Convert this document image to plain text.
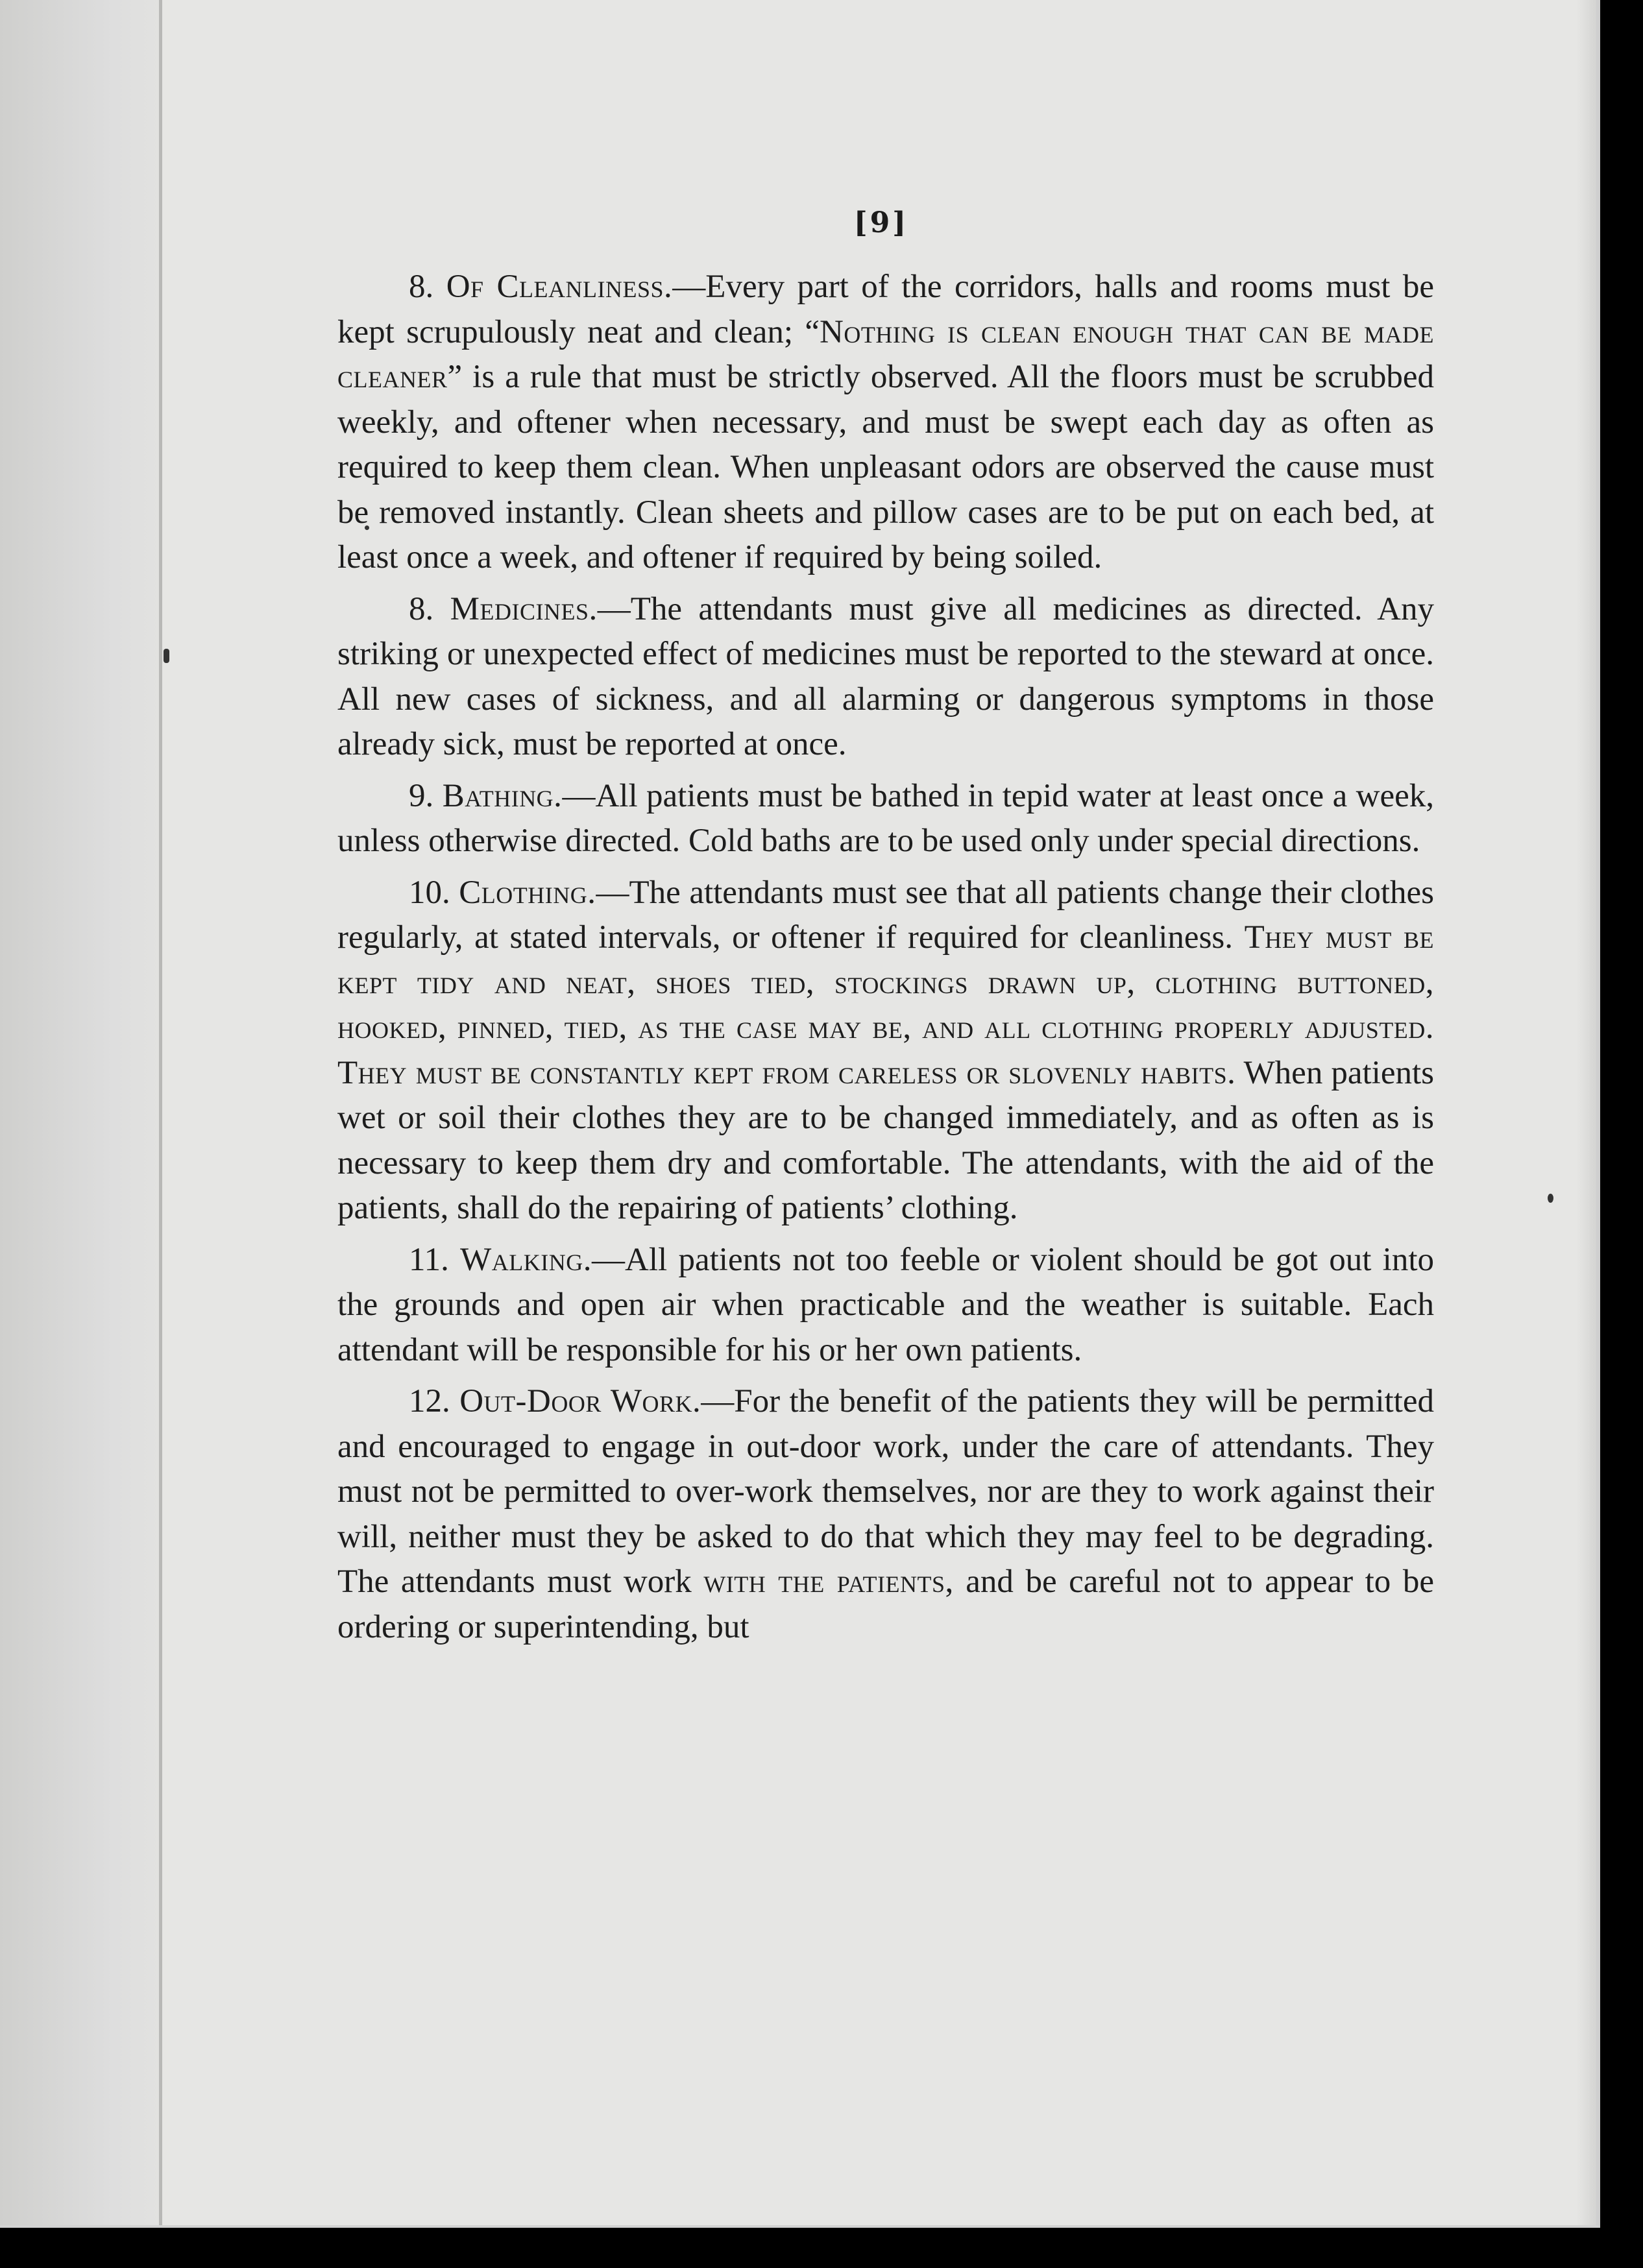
[9]

8. Of Cleanliness.—Every part of the corridors, halls and rooms must be kept scrupulously neat and clean; “Nothing is clean enough that can be made cleaner” is a rule that must be strictly observed. All the floors must be scrubbed weekly, and oftener when necessary, and must be swept each day as often as required to keep them clean. When unpleasant odors are observed the cause must be removed instantly. Clean sheets and pillow cases are to be put on each bed, at least once a week, and oftener if required by being soiled.

8. Medicines.—The attendants must give all medicines as directed. Any striking or unexpected effect of medicines must be reported to the steward at once. All new cases of sickness, and all alarming or dangerous symptoms in those already sick, must be reported at once.

9. Bathing.—All patients must be bathed in tepid water at least once a week, unless otherwise directed. Cold baths are to be used only under special directions.

10. Clothing.—The attendants must see that all patients change their clothes regularly, at stated intervals, or oftener if required for cleanliness. They must be kept tidy and neat, shoes tied, stockings drawn up, clothing buttoned, hooked, pinned, tied, as the case may be, and all clothing properly adjusted. They must be constantly kept from careless or slovenly habits. When patients wet or soil their clothes they are to be changed immediately, and as often as is necessary to keep them dry and comfortable. The attendants, with the aid of the patients, shall do the repairing of patients’ clothing.

11. Walking.—All patients not too feeble or violent should be got out into the grounds and open air when practicable and the weather is suitable. Each attendant will be responsible for his or her own patients.

12. Out-Door Work.—For the benefit of the patients they will be permitted and encouraged to engage in out-door work, under the care of attendants. They must not be permitted to over-work themselves, nor are they to work against their will, neither must they be asked to do that which they may feel to be degrading. The attendants must work with the patients, and be careful not to appear to be ordering or superintending, but
